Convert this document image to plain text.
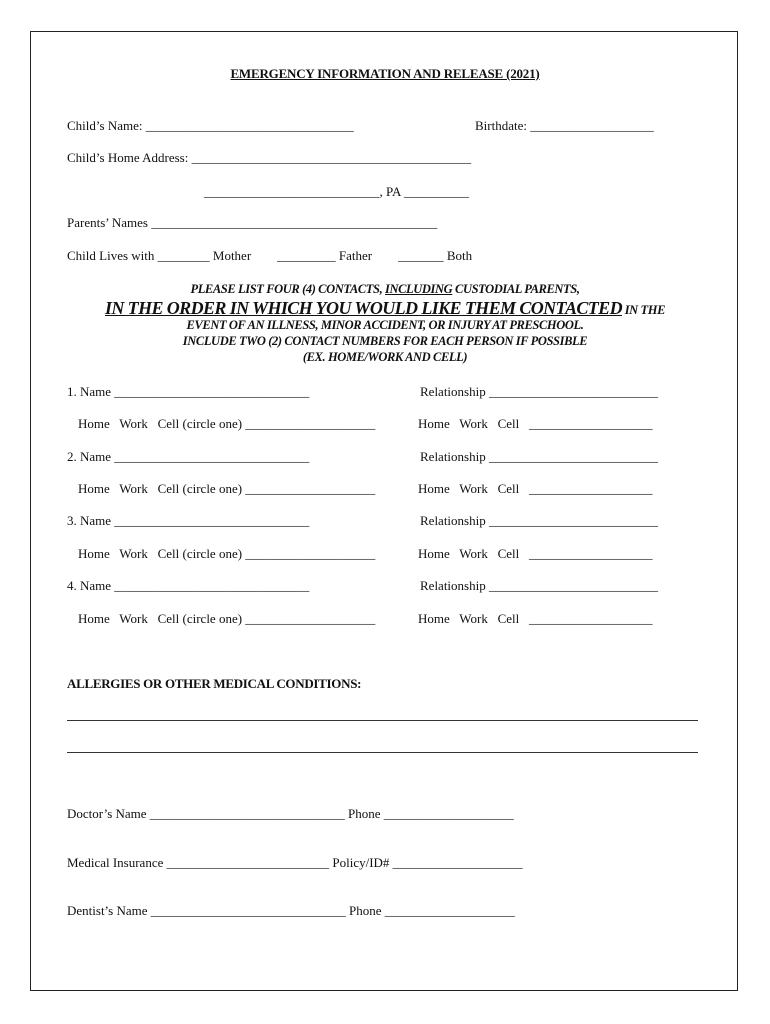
EMERGENCY INFORMATION AND RELEASE (2021)
Child’s Name: ________________________________	Birthdate: ___________________
Child’s Home Address: ___________________________________________
___________________________, PA __________
Parents’ Names ____________________________________________
Child Lives with ________ Mother        _________ Father        _______ Both
PLEASE LIST FOUR (4) CONTACTS, INCLUDING CUSTODIAL PARENTS,
IN THE ORDER IN WHICH YOU WOULD LIKE THEM CONTACTED IN THE
EVENT OF AN ILLNESS, MINOR ACCIDENT, OR INJURY AT PRESCHOOL.
INCLUDE TWO (2) CONTACT NUMBERS FOR EACH PERSON IF POSSIBLE
(EX. HOME/WORK AND CELL)
1. Name ______________________________	Relationship __________________________
Home   Work   Cell (circle one) ____________________	Home   Work   Cell   ___________________
2. Name ______________________________	Relationship __________________________
Home   Work   Cell (circle one) ____________________	Home   Work   Cell   ___________________
3. Name ______________________________	Relationship __________________________
Home   Work   Cell (circle one) ____________________	Home   Work   Cell   ___________________
4. Name ______________________________	Relationship __________________________
Home   Work   Cell (circle one) ____________________	Home   Work   Cell   ___________________
ALLERGIES OR OTHER MEDICAL CONDITIONS:
Doctor’s Name ______________________________ Phone ____________________
Medical Insurance _________________________ Policy/ID# ____________________
Dentist’s Name ______________________________ Phone ____________________
